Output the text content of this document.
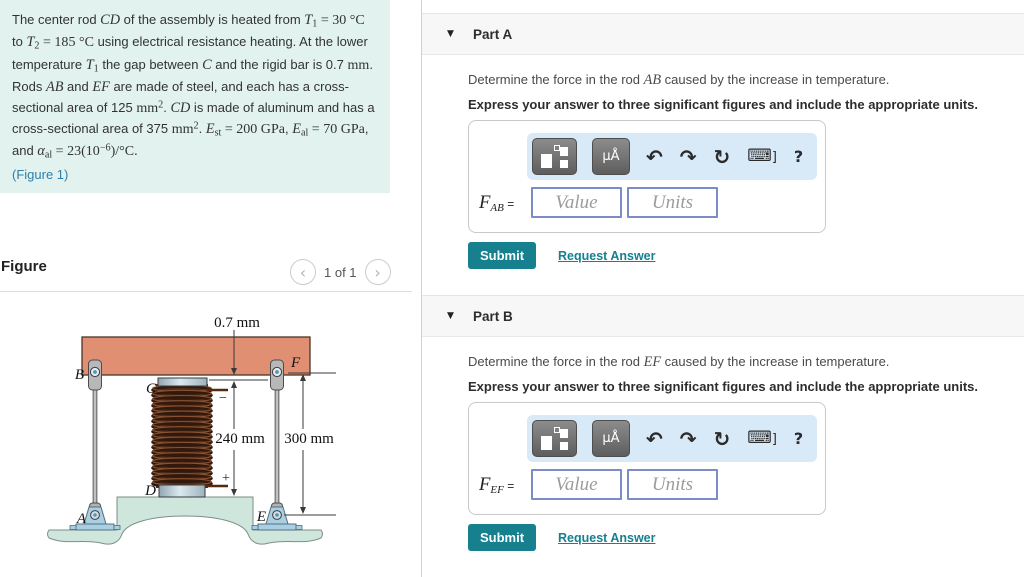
The center rod CD of the assembly is heated from T1 = 30 °C to T2 = 185 °C using electrical resistance heating. At the lower temperature T1 the gap between C and the rigid bar is 0.7 mm. Rods AB and EF are made of steel, and each has a cross-sectional area of 125 $mm^2$. CD is made of aluminum and has a cross-sectional area of 375 $mm^2$. Est = 200 GPa, Eal = 70 GPa, and $\alpha al = 23(10^{-6})/^\circ C$.
(Figure 1)
Figure	‹	1 of 1	›
0.7 mm
240 mm 300 mm
B
F
C
D
A	E
−
+
▼	Part A

Determine the force in the rod AB caused by the increase in temperature.

Express your answer to three significant figures and include the appropriate units.

μÅ	↶ ↷ ↻ ⌨] ?
FAB =
Value
Units
Submit	Request Answer
▼	Part B

Determine the force in the rod EF caused by the increase in temperature.

Express your answer to three significant figures and include the appropriate units.

μÅ	↶ ↷ ↻ ⌨] ?
FEF =
Value
Units
Submit	Request Answer
